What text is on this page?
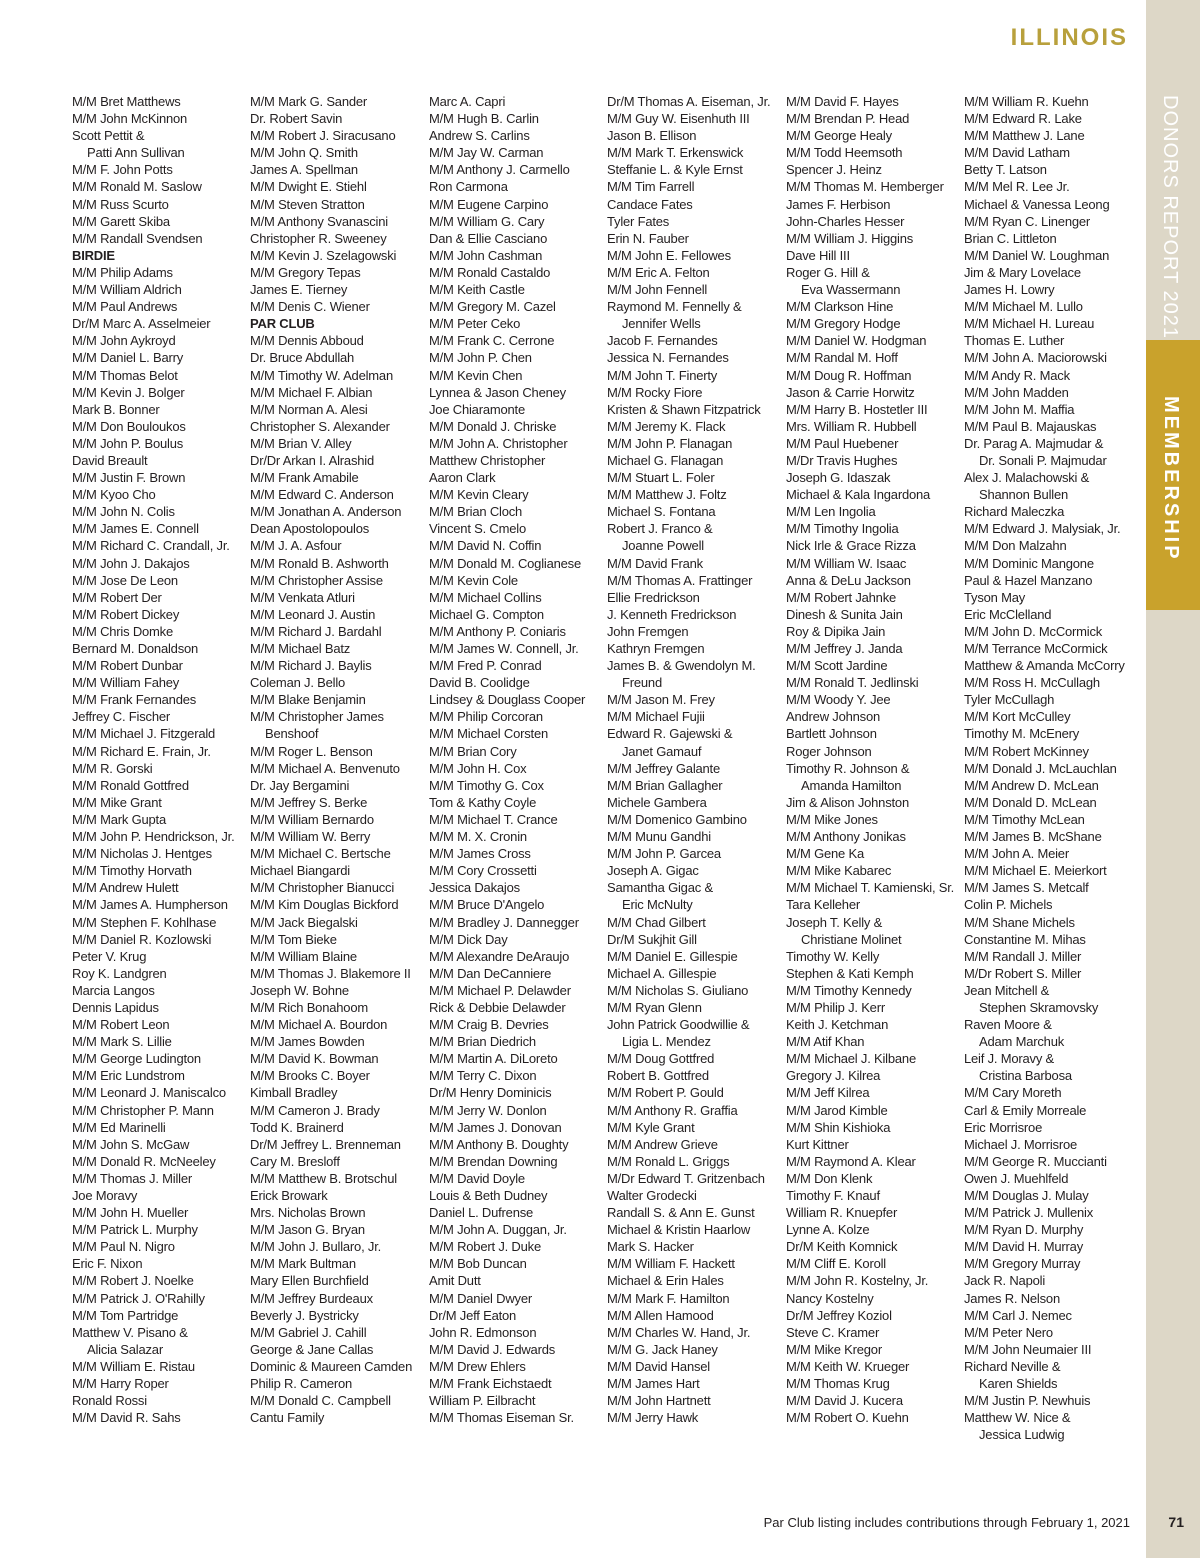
ILLINOIS
DONORS REPORT 2021
MEMBERSHIP
M/M Bret Matthews
M/M John McKinnon
Scott Pettit &
Patti Ann Sullivan
M/M F. John Potts
M/M Ronald M. Saslow
M/M Russ Scurto
M/M Garett Skiba
M/M Randall Svendsen
BIRDIE
M/M Philip Adams
M/M William Aldrich
M/M Paul Andrews
Dr/M Marc A. Asselmeier
M/M John Aykroyd
M/M Daniel L. Barry
M/M Thomas Belot
M/M Kevin J. Bolger
Mark B. Bonner
M/M Don Bouloukos
M/M John P. Boulus
David Breault
M/M Justin F. Brown
M/M Kyoo Cho
M/M John N. Colis
M/M James E. Connell
M/M Richard C. Crandall, Jr.
M/M John J. Dakajos
M/M Jose De Leon
M/M Robert Der
M/M Robert Dickey
M/M Chris Domke
Bernard M. Donaldson
M/M Robert Dunbar
M/M William Fahey
M/M Frank Fernandes
Jeffrey C. Fischer
M/M Michael J. Fitzgerald
M/M Richard E. Frain, Jr.
M/M R. Gorski
M/M Ronald Gottfred
M/M Mike Grant
M/M Mark Gupta
M/M John P. Hendrickson, Jr.
M/M Nicholas J. Hentges
M/M Timothy Horvath
M/M Andrew Hulett
M/M James A. Humpherson
M/M Stephen F. Kohlhase
M/M Daniel R. Kozlowski
Peter V. Krug
Roy K. Landgren
Marcia Langos
Dennis Lapidus
M/M Robert Leon
M/M Mark S. Lillie
M/M George Ludington
M/M Eric Lundstrom
M/M Leonard J. Maniscalco
M/M Christopher P. Mann
M/M Ed Marinelli
M/M John S. McGaw
M/M Donald R. McNeeley
M/M Thomas J. Miller
Joe Moravy
M/M John H. Mueller
M/M Patrick L. Murphy
M/M Paul N. Nigro
Eric F. Nixon
M/M Robert J. Noelke
M/M Patrick J. O'Rahilly
M/M Tom Partridge
Matthew V. Pisano &
Alicia Salazar
M/M William E. Ristau
M/M Harry Roper
Ronald Rossi
M/M David R. Sahs
M/M Mark G. Sander
Dr. Robert Savin
M/M Robert J. Siracusano
M/M John Q. Smith
James A. Spellman
M/M Dwight E. Stiehl
M/M Steven Stratton
M/M Anthony Svanascini
Christopher R. Sweeney
M/M Kevin J. Szelagowski
M/M Gregory Tepas
James E. Tierney
M/M Denis C. Wiener
PAR CLUB
M/M Dennis Abboud
Dr. Bruce Abdullah
M/M Timothy W. Adelman
M/M Michael F. Albian
M/M Norman A. Alesi
Christopher S. Alexander
M/M Brian V. Alley
Dr/Dr Arkan I. Alrashid
M/M Frank Amabile
M/M Edward C. Anderson
M/M Jonathan A. Anderson
Dean Apostolopoulos
M/M J. A. Asfour
M/M Ronald B. Ashworth
M/M Christopher Assise
M/M Venkata Atluri
M/M Leonard J. Austin
M/M Richard J. Bardahl
M/M Michael Batz
M/M Richard J. Baylis
Coleman J. Bello
M/M Blake Benjamin
M/M Christopher James
Benshoof
M/M Roger L. Benson
M/M Michael A. Benvenuto
Dr. Jay Bergamini
M/M Jeffrey S. Berke
M/M William Bernardo
M/M William W. Berry
M/M Michael C. Bertsche
Michael Biangardi
M/M Christopher Bianucci
M/M Kim Douglas Bickford
M/M Jack Biegalski
M/M Tom Bieke
M/M William Blaine
M/M Thomas J. Blakemore II
Joseph W. Bohne
M/M Rich Bonahoom
M/M Michael A. Bourdon
M/M James Bowden
M/M David K. Bowman
M/M Brooks C. Boyer
Kimball Bradley
M/M Cameron J. Brady
Todd K. Brainerd
Dr/M Jeffrey L. Brenneman
Cary M. Bresloff
M/M Matthew B. Brotschul
Erick Browark
Mrs. Nicholas Brown
M/M Jason G. Bryan
M/M John J. Bullaro, Jr.
M/M Mark Bultman
Mary Ellen Burchfield
M/M Jeffrey Burdeaux
Beverly J. Bystricky
M/M Gabriel J. Cahill
George & Jane Callas
Dominic & Maureen Camden
Philip R. Cameron
M/M Donald C. Campbell
Cantu Family
Marc A. Capri
M/M Hugh B. Carlin
Andrew S. Carlins
M/M Jay W. Carman
M/M Anthony J. Carmello
Ron Carmona
M/M Eugene Carpino
M/M William G. Cary
Dan & Ellie Casciano
M/M John Cashman
M/M Ronald Castaldo
M/M Keith Castle
M/M Gregory M. Cazel
M/M Peter Ceko
M/M Frank C. Cerrone
M/M John P. Chen
M/M Kevin Chen
Lynnea & Jason Cheney
Joe Chiaramonte
M/M Donald J. Chriske
M/M John A. Christopher
Matthew Christopher
Aaron Clark
M/M Kevin Cleary
M/M Brian Cloch
Vincent S. Cmelo
M/M David N. Coffin
M/M Donald M. Coglianese
M/M Kevin Cole
M/M Michael Collins
Michael G. Compton
M/M Anthony P. Coniaris
M/M James W. Connell, Jr.
M/M Fred P. Conrad
David B. Coolidge
Lindsey & Douglass Cooper
M/M Philip Corcoran
M/M Michael Corsten
M/M Brian Cory
M/M John H. Cox
M/M Timothy G. Cox
Tom & Kathy Coyle
M/M Michael T. Crance
M/M M. X. Cronin
M/M James Cross
M/M Cory Crossetti
Jessica Dakajos
M/M Bruce D'Angelo
M/M Bradley J. Dannegger
M/M Dick Day
M/M Alexandre DeAraujo
M/M Dan DeCanniere
M/M Michael P. Delawder
Rick & Debbie Delawder
M/M Craig B. Devries
M/M Brian Diedrich
M/M Martin A. DiLoreto
M/M Terry C. Dixon
Dr/M Henry Dominicis
M/M Jerry W. Donlon
M/M James J. Donovan
M/M Anthony B. Doughty
M/M Brendan Downing
M/M David Doyle
Louis & Beth Dudney
Daniel L. Dufrense
M/M John A. Duggan, Jr.
M/M Robert J. Duke
M/M Bob Duncan
Amit Dutt
M/M Daniel Dwyer
Dr/M Jeff Eaton
John R. Edmonson
M/M David J. Edwards
M/M Drew Ehlers
M/M Frank Eichstaedt
William P. Eilbracht
M/M Thomas Eiseman Sr.
Dr/M Thomas A. Eiseman, Jr.
M/M Guy W. Eisenhuth III
Jason B. Ellison
M/M Mark T. Erkenswick
Steffanie L. & Kyle Ernst
M/M Tim Farrell
Candace Fates
Tyler Fates
Erin N. Fauber
M/M John E. Fellowes
M/M Eric A. Felton
M/M John Fennell
Raymond M. Fennelly &
Jennifer Wells
Jacob F. Fernandes
Jessica N. Fernandes
M/M John T. Finerty
M/M Rocky Fiore
Kristen & Shawn Fitzpatrick
M/M Jeremy K. Flack
M/M John P. Flanagan
Michael G. Flanagan
M/M Stuart L. Foler
M/M Matthew J. Foltz
Michael S. Fontana
Robert J. Franco &
Joanne Powell
M/M David Frank
M/M Thomas A. Frattinger
Ellie Fredrickson
J. Kenneth Fredrickson
John Fremgen
Kathryn Fremgen
James B. & Gwendolyn M.
Freund
M/M Jason M. Frey
M/M Michael Fujii
Edward R. Gajewski &
Janet Gamauf
M/M Jeffrey Galante
M/M Brian Gallagher
Michele Gambera
M/M Domenico Gambino
M/M Munu Gandhi
M/M John P. Garcea
Joseph A. Gigac
Samantha Gigac &
Eric McNulty
M/M Chad Gilbert
Dr/M Sukjhit Gill
M/M Daniel E. Gillespie
Michael A. Gillespie
M/M Nicholas S. Giuliano
M/M Ryan Glenn
John Patrick Goodwillie &
Ligia L. Mendez
M/M Doug Gottfred
Robert B. Gottfred
M/M Robert P. Gould
M/M Anthony R. Graffia
M/M Kyle Grant
M/M Andrew Grieve
M/M Ronald L. Griggs
M/Dr Edward T. Gritzenbach
Walter Grodecki
Randall S. & Ann E. Gunst
Michael & Kristin Haarlow
Mark S. Hacker
M/M William F. Hackett
Michael & Erin Hales
M/M Mark F. Hamilton
M/M Allen Hamood
M/M Charles W. Hand, Jr.
M/M G. Jack Haney
M/M David Hansel
M/M James Hart
M/M John Hartnett
M/M Jerry Hawk
M/M David F. Hayes
M/M Brendan P. Head
M/M George Healy
M/M Todd Heemsoth
Spencer J. Heinz
M/M Thomas M. Hemberger
James F. Herbison
John-Charles Hesser
M/M William J. Higgins
Dave Hill III
Roger G. Hill &
Eva Wassermann
M/M Clarkson Hine
M/M Gregory Hodge
M/M Daniel W. Hodgman
M/M Randal M. Hoff
M/M Doug R. Hoffman
Jason & Carrie Horwitz
M/M Harry B. Hostetler III
Mrs. William R. Hubbell
M/M Paul Huebener
M/Dr Travis Hughes
Joseph G. Idaszak
Michael & Kala Ingardona
M/M Len Ingolia
M/M Timothy Ingolia
Nick Irle & Grace Rizza
M/M William W. Isaac
Anna & DeLu Jackson
M/M Robert Jahnke
Dinesh & Sunita Jain
Roy & Dipika Jain
M/M Jeffrey J. Janda
M/M Scott Jardine
M/M Ronald T. Jedlinski
M/M Woody Y. Jee
Andrew Johnson
Bartlett Johnson
Roger Johnson
Timothy R. Johnson &
Amanda Hamilton
Jim & Alison Johnston
M/M Mike Jones
M/M Anthony Jonikas
M/M Gene Ka
M/M Mike Kabarec
M/M Michael T. Kamienski, Sr.
Tara Kelleher
Joseph T. Kelly &
Christiane Molinet
Timothy W. Kelly
Stephen & Kati Kemph
M/M Timothy Kennedy
M/M Philip J. Kerr
Keith J. Ketchman
M/M Atif Khan
M/M Michael J. Kilbane
Gregory J. Kilrea
M/M Jeff Kilrea
M/M Jarod Kimble
M/M Shin Kishioka
Kurt Kittner
M/M Raymond A. Klear
M/M Don Klenk
Timothy F. Knauf
William R. Knuepfer
Lynne A. Kolze
Dr/M Keith Komnick
M/M Cliff E. Koroll
M/M John R. Kostelny, Jr.
Nancy Kostelny
Dr/M Jeffrey Koziol
Steve C. Kramer
M/M Mike Kregor
M/M Keith W. Krueger
M/M Thomas Krug
M/M David J. Kucera
M/M Robert O. Kuehn
M/M William R. Kuehn
M/M Edward R. Lake
M/M Matthew J. Lane
M/M David Latham
Betty T. Latson
M/M Mel R. Lee Jr.
Michael & Vanessa Leong
M/M Ryan C. Linenger
Brian C. Littleton
M/M Daniel W. Loughman
Jim & Mary Lovelace
James H. Lowry
M/M Michael M. Lullo
M/M Michael H. Lureau
Thomas E. Luther
M/M John A. Maciorowski
M/M Andy R. Mack
M/M John Madden
M/M John M. Maffia
M/M Paul B. Majauskas
Dr. Parag A. Majmudar &
Dr. Sonali P. Majmudar
Alex J. Malachowski &
Shannon Bullen
Richard Maleczka
M/M Edward J. Malysiak, Jr.
M/M Don Malzahn
M/M Dominic Mangone
Paul & Hazel Manzano
Tyson May
Eric McClelland
M/M John D. McCormick
M/M Terrance McCormick
Matthew & Amanda McCorry
M/M Ross H. McCullagh
Tyler McCullagh
M/M Kort McCulley
Timothy M. McEnery
M/M Robert McKinney
M/M Donald J. McLauchlan
M/M Andrew D. McLean
M/M Donald D. McLean
M/M Timothy McLean
M/M James B. McShane
M/M John A. Meier
M/M Michael E. Meierkort
M/M James S. Metcalf
Colin P. Michels
M/M Shane Michels
Constantine M. Mihas
M/M Randall J. Miller
M/Dr Robert S. Miller
Jean Mitchell &
Stephen Skramovsky
Raven Moore &
Adam Marchuk
Leif J. Moravy &
Cristina Barbosa
M/M Cary Moreth
Carl & Emily Morreale
Eric Morrisroe
Michael J. Morrisroe
M/M George R. Muccianti
Owen J. Muehlfeld
M/M Douglas J. Mulay
M/M Patrick J. Mullenix
M/M Ryan D. Murphy
M/M David H. Murray
M/M Gregory Murray
Jack R. Napoli
James R. Nelson
M/M Carl J. Nemec
M/M Peter Nero
M/M John Neumaier III
Richard Neville &
Karen Shields
M/M Justin P. Newhuis
Matthew W. Nice &
Jessica Ludwig
Par Club listing includes contributions through February 1, 2021	71
